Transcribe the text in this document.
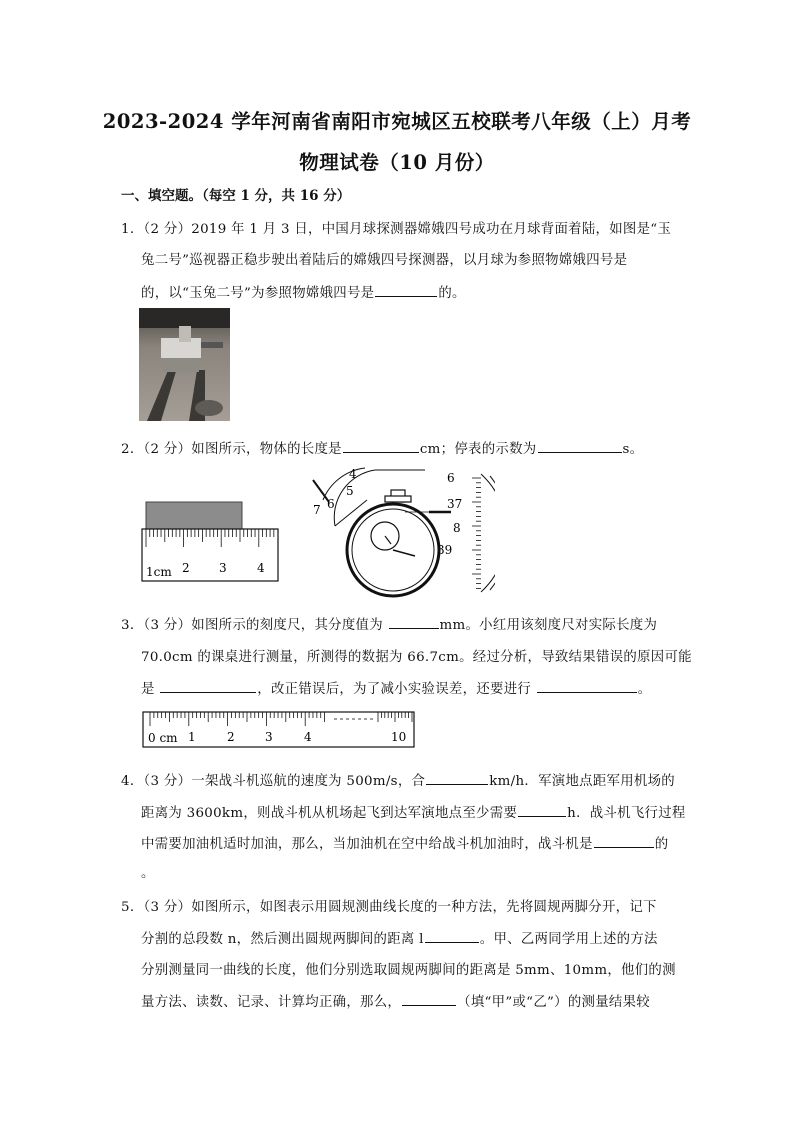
2023-2024 学年河南省南阳市宛城区五校联考八年级（上）月考
物理试卷（10 月份）
一、填空题。（每空 1 分，共 16 分）
1．（2 分）2019 年 1 月 3 日，中国月球探测器嫦娥四号成功在月球背面着陆，如图是“玉
兔二号”巡视器正稳步驶出着陆后的嫦娥四号探测器，以月球为参照物嫦娥四号是
的，以“玉兔二号”为参照物嫦娥四号是	的。
2．（2 分）如图所示，物体的长度是	cm；停表的示数为	s。
1cm 2 3	4
4
5
6
7
6
37
8
39
3．（3 分）如图所示的刻度尺，其分度值为	mm。小红用该刻度尺对实际长度为
70.0cm 的课桌进行测量，所测得的数据为 66.7cm。经过分析，导致结果错误的原因可能
是	，改正错误后，为了减小实验误差，还要进行	。
0 cm 1	2	3	4	10
4．（3 分）一架战斗机巡航的速度为 500m/s，合	km/h．军演地点距军用机场的
距离为 3600km，则战斗机从机场起飞到达军演地点至少需要	h．战斗机飞行过程
中需要加油机适时加油，那么，当加油机在空中给战斗机加油时，战斗机是	的
。
5．（3 分）如图所示，如图表示用圆规测曲线长度的一种方法，先将圆规两脚分开，记下
分割的总段数 n，然后测出圆规两脚间的距离 l	。甲、乙两同学用上述的方法
分别测量同一曲线的长度，他们分别选取圆规两脚间的距离是 5mm、10mm，他们的测
量方法、读数、记录、计算均正确，那么，	（填“甲”或“乙”）的测量结果较
